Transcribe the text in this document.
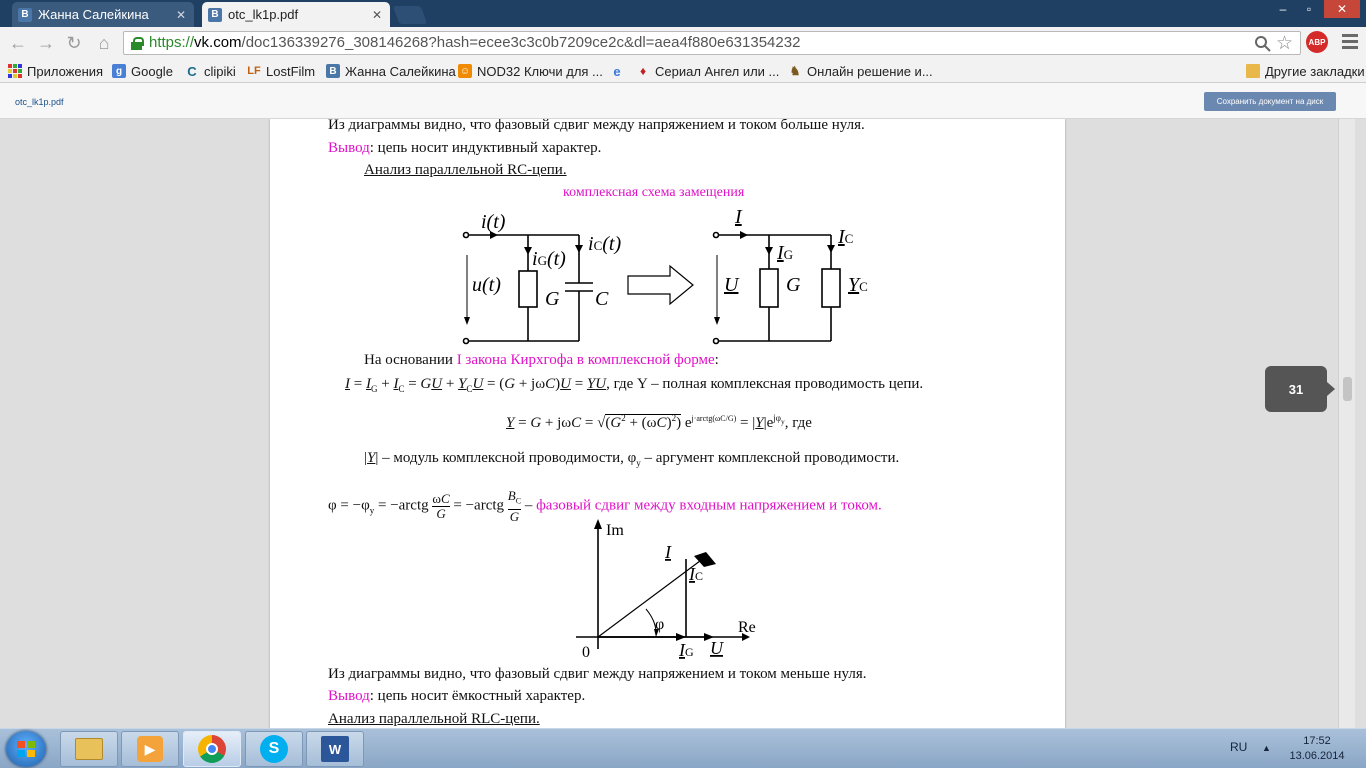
B Жанна Салейкина ✕	B otc_lk1p.pdf	✕	–	▫	✕
← → ↻ ⌂	https://vk.com/doc136339276_308146268?hash=ecee3c3c0b7209ce2c&dl=aea4f880e631354232	☆	ABP
Приложения	g Google C clipiki LF LostFilm	B Жанна Салейкина ☺ NOD32 Ключи для ... e	♦ Сериал Ангел или ... ♞ Онлайн решение и...	Другие закладки
otc_lk1p.pdf	Сохранить документ на диск
Из диаграммы видно, что фазовый сдвиг между напряжением и током больше нуля.
Вывод: цепь носит индуктивный характер.
Анализ параллельной RC-цепи.
комплексная схема замещения
i(t)
iG(t)
iC(t)
u(t)
G C
I
IG
IC
U G YC
На основании I закона Кирхгофа в комплексной форме:
$I = I_G + I_C$ = GU + $Y_CU = (G + j\omega C)U$ = YU, где Y – полная комплексная проводимость цепи.
$Y = G + j\omega C = √(G^2 + (\omega C)^2) e^{j\cdot arctg(\omega C/G)} = |Y|e^{j\varphi_y}$, где
|Y| – модуль комплексной проводимости, $\varphi_у$ – аргумент комплексной проводимости.
$\varphi = -\varphi_y$ = −arctg $\frac{\omega C}{G}$ = −arctg $\frac{B_C}{G}$ – фазовый сдвиг между входным напряжением и током.
Im
Re
0
φ
I
IC
IG U
Из диаграммы видно, что фазовый сдвиг между напряжением и током меньше нуля.
Вывод: цепь носит ёмкостный характер.
Анализ параллельной RLC-цепи.
31
▶	S	W	RU ▲
17:52
13.06.2014
